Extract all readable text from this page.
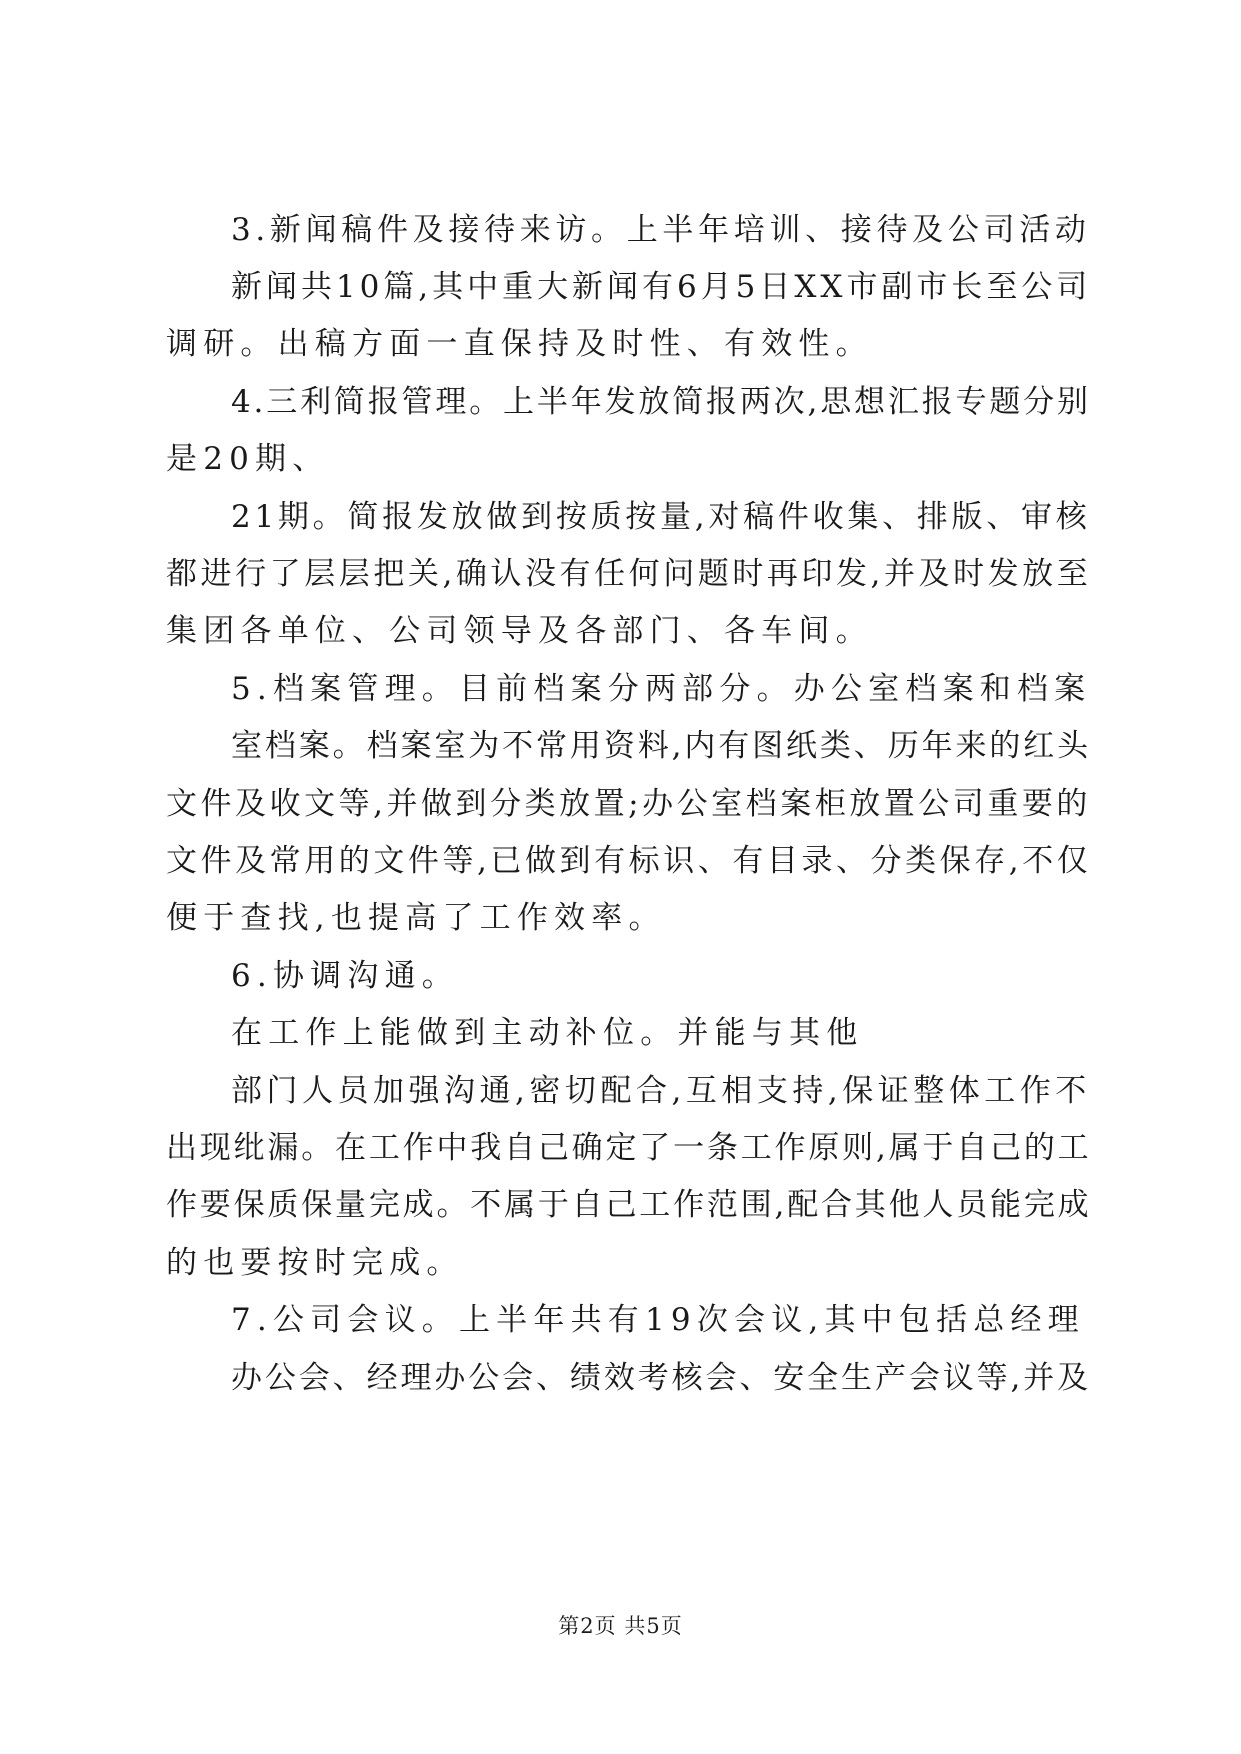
3.新闻稿件及接待来访。上半年培训、接待及公司活动
新闻共10篇,其中重大新闻有6月5日XX市副市长至公司
调研。出稿方面一直保持及时性、有效性。
4.三利简报管理。上半年发放简报两次,思想汇报专题分别
是20期、
21期。简报发放做到按质按量,对稿件收集、排版、审核
都进行了层层把关,确认没有任何问题时再印发,并及时发放至
集团各单位、公司领导及各部门、各车间。
5.档案管理。目前档案分两部分。办公室档案和档案
室档案。档案室为不常用资料,内有图纸类、历年来的红头
文件及收文等,并做到分类放置;办公室档案柜放置公司重要的
文件及常用的文件等,已做到有标识、有目录、分类保存,不仅
便于查找,也提高了工作效率。
6.协调沟通。
在工作上能做到主动补位。并能与其他
部门人员加强沟通,密切配合,互相支持,保证整体工作不
出现纰漏。在工作中我自己确定了一条工作原则,属于自己的工
作要保质保量完成。不属于自己工作范围,配合其他人员能完成
的也要按时完成。
7.公司会议。上半年共有19次会议,其中包括总经理
办公会、经理办公会、绩效考核会、安全生产会议等,并及
第2页 共5页
